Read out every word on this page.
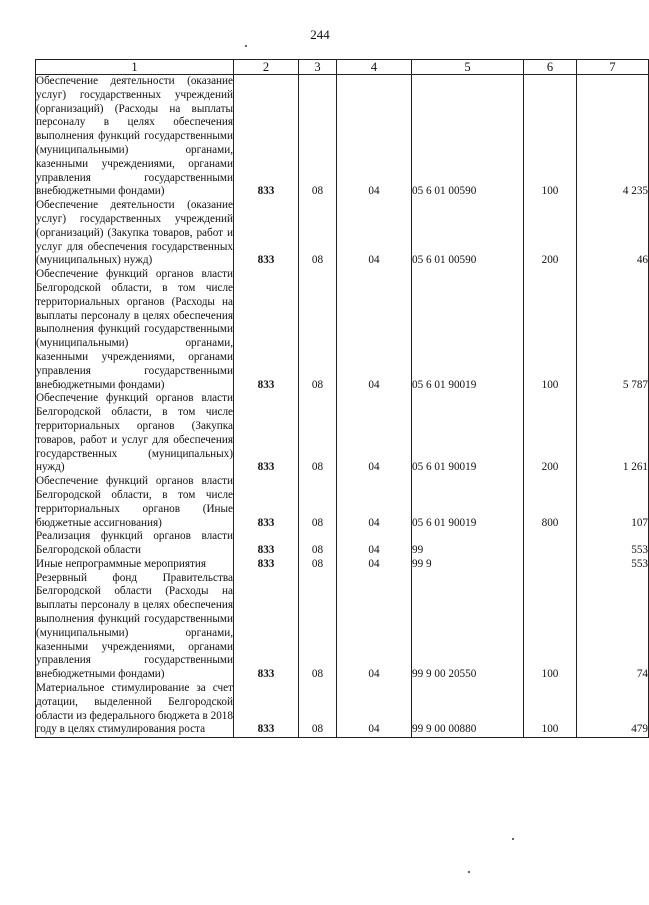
244
1	2	3	4	5	6	7
Обеспечение деятельности (оказание услуг) государственных учреждений (организаций) (Расходы на выплаты персоналу в целях обеспечения выполнения функций государственными (муниципальными) органами, казенными учреждениями, органами управления государственными внебюджетными фондами)	833	08	04	05 6 01 00590	100	4 235
Обеспечение деятельности (оказание услуг) государственных учреждений (организаций) (Закупка товаров, работ и услуг для обеспечения государственных (муниципальных) нужд)	833	08	04	05 6 01 00590	200	46
Обеспечение функций органов власти Белгородской области, в том числе территориальных органов (Расходы на выплаты персоналу в целях обеспечения выполнения функций государственными (муниципальными) органами, казенными учреждениями, органами управления государственными внебюджетными фондами)	833	08	04	05 6 01 90019	100	5 787
Обеспечение функций органов власти Белгородской области, в том числе территориальных органов (Закупка товаров, работ и услуг для обеспечения государственных (муниципальных) нужд)	833	08	04	05 6 01 90019	200	1 261
Обеспечение функций органов власти Белгородской области, в том числе территориальных органов (Иные бюджетные ассигнования)	833	08	04	05 6 01 90019	800	107
Реализация функций органов власти Белгородской области	833	08	04	99		553
Иные непрограммные мероприятия	833	08	04	99 9		553
Резервный фонд Правительства Белгородской области (Расходы на выплаты персоналу в целях обеспечения выполнения функций государственными (муниципальными) органами, казенными учреждениями, органами управления государственными внебюджетными фондами)	833	08	04	99 9 00 20550	100	74
Материальное стимулирование за счет дотации, выделенной Белгородской области из федерального бюджета в 2018 году в целях стимулирования роста	833	08	04	99 9 00 00880	100	479
